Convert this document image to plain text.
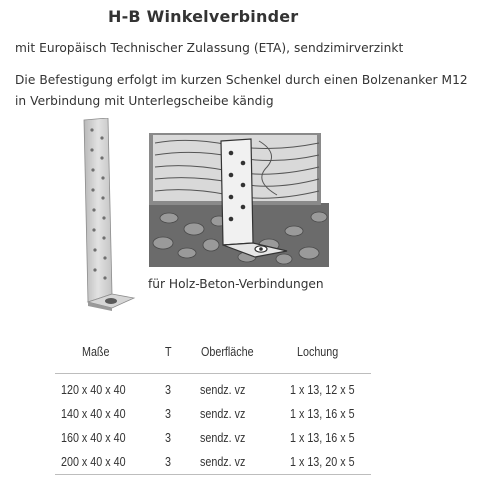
H-B Winkelverbinder
mit Europäisch Technischer Zulassung (ETA), sendzimirverzinkt
Die Befestigung erfolgt im kurzen Schenkel durch einen Bolzenanker M12
in Verbindung mit Unterlegscheibe kändig
für Holz-Beton-Verbindungen
Maße	T Oberfläche	Lochung
120 x 40 x 40	3 sendz. vz	1 x 13, 12 x 5
140 x 40 x 40	3 sendz. vz	1 x 13, 16 x 5
160 x 40 x 40	3 sendz. vz	1 x 13, 16 x 5
200 x 40 x 40	3 sendz. vz	1 x 13, 20 x 5
